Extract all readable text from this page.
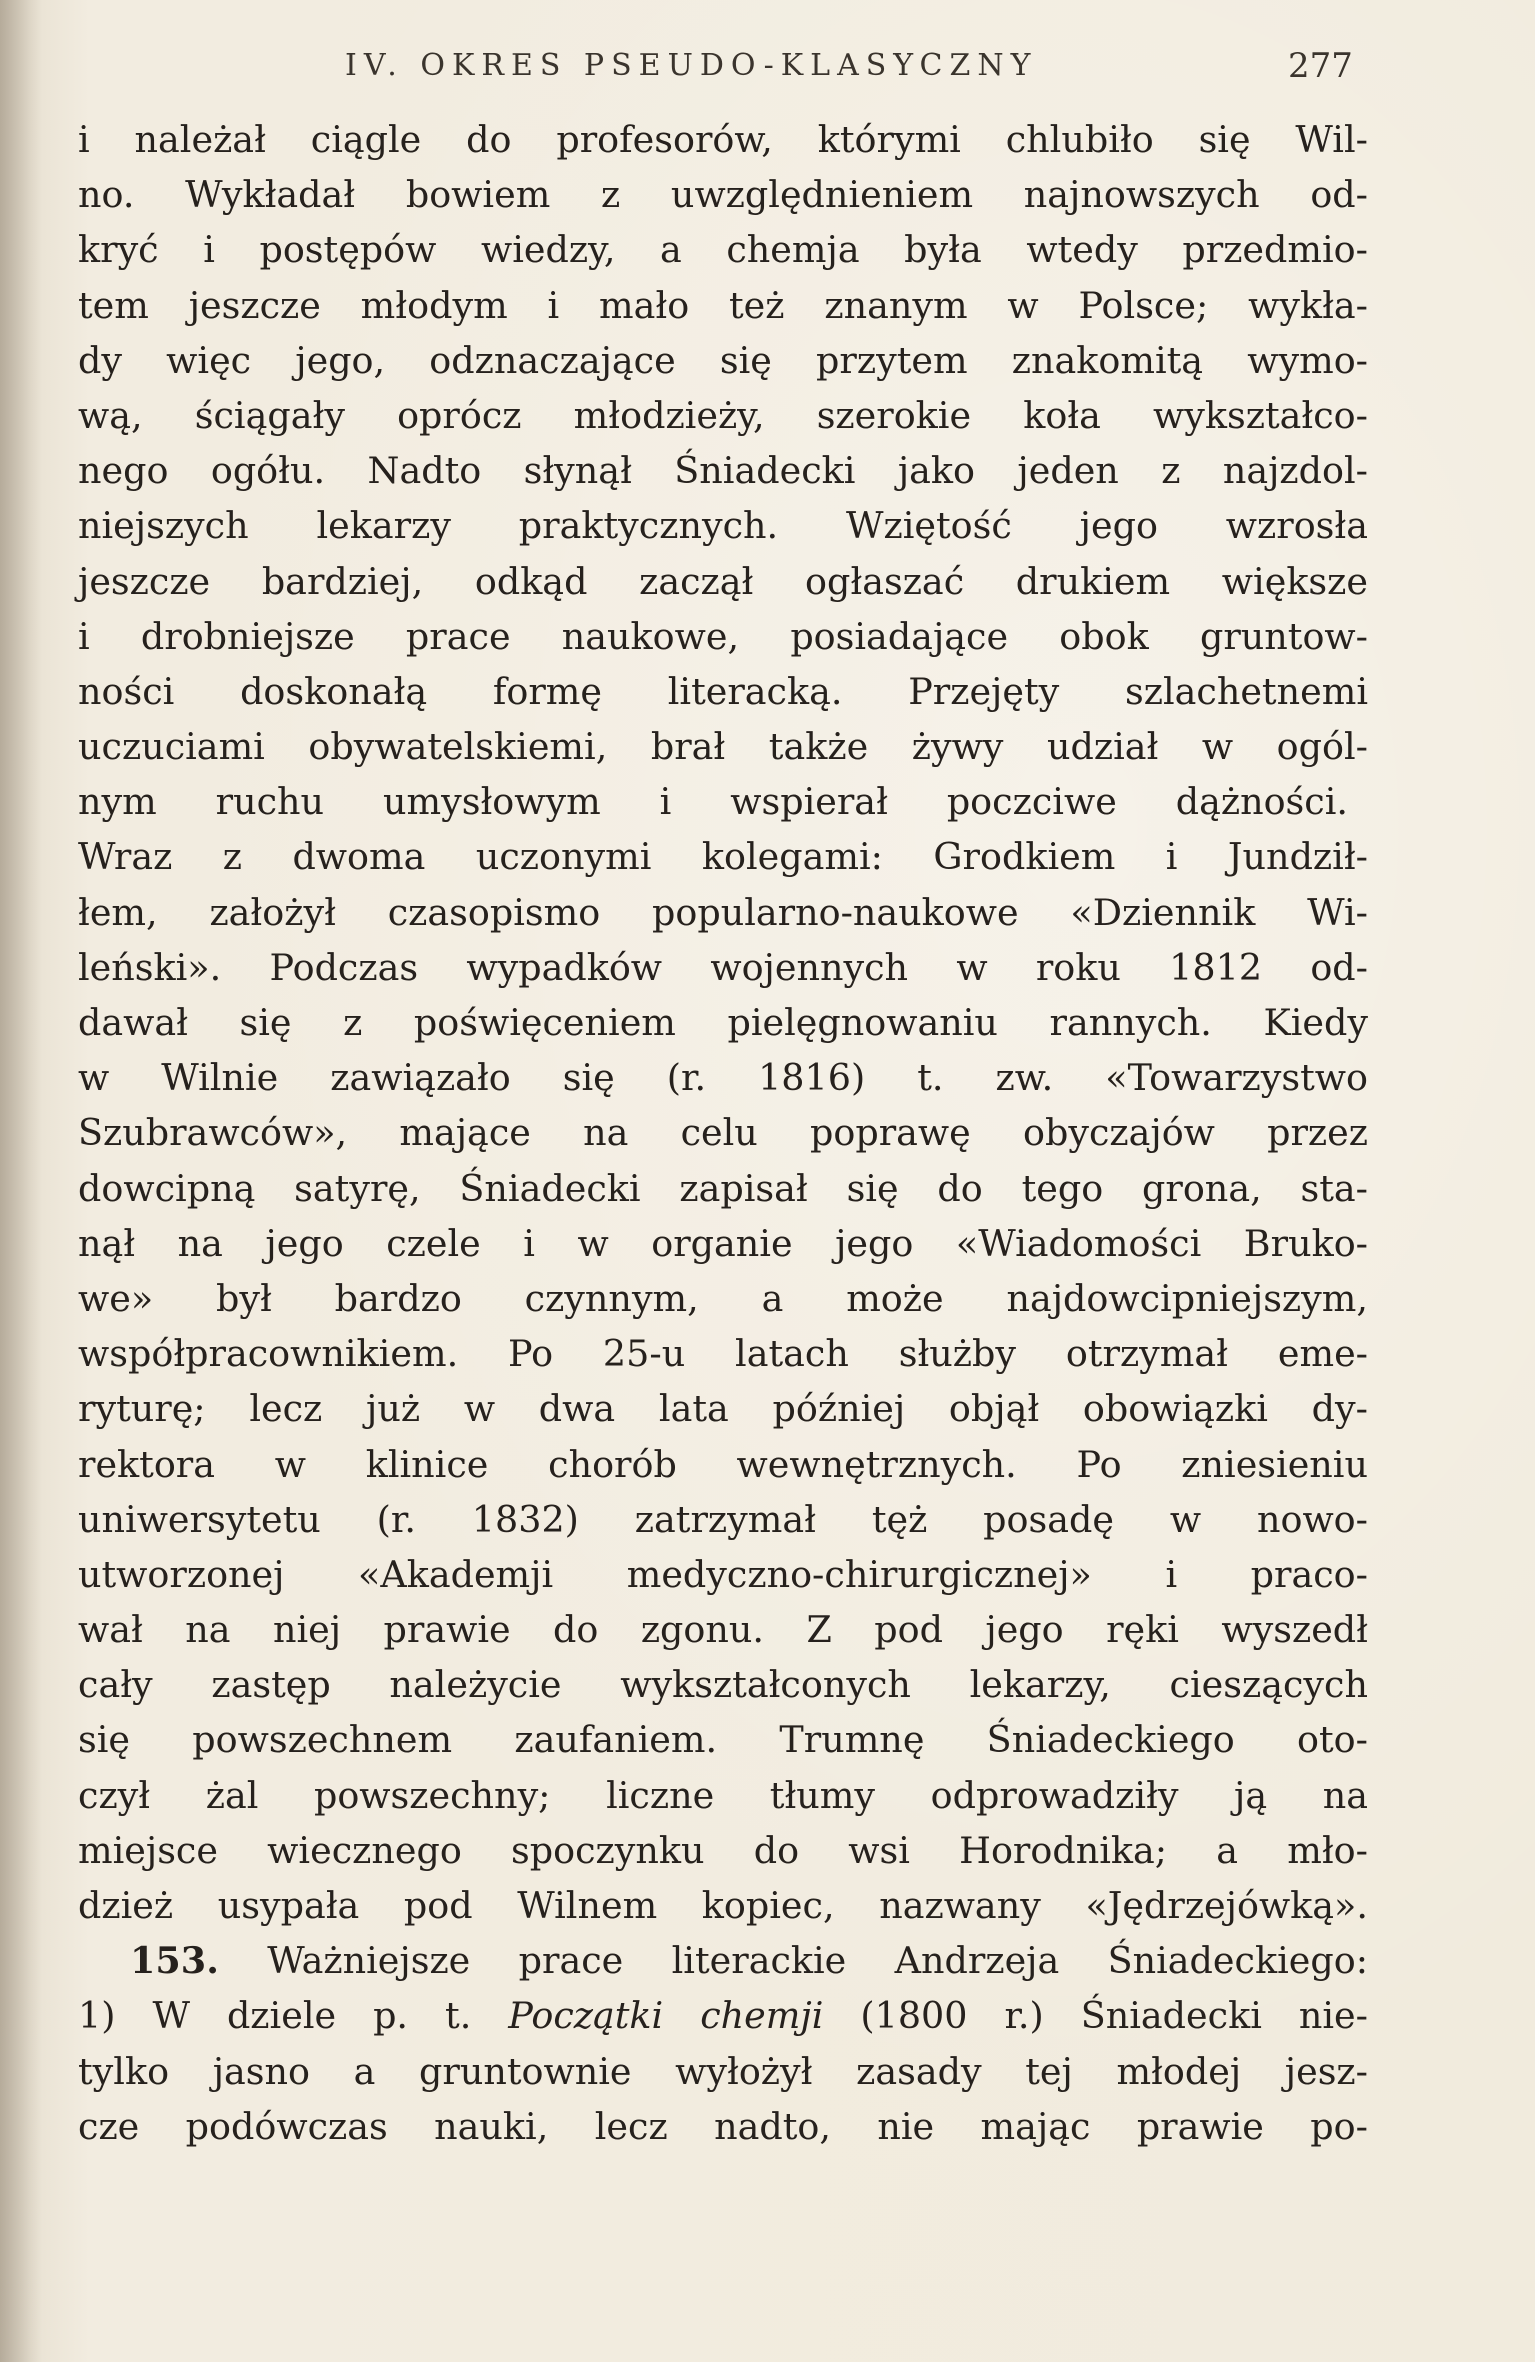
IV. OKRES PSEUDO-KLASYCZNY	277
i należał ciągle do profesorów, którymi chlubiło się Wil-
no. Wykładał bowiem z uwzględnieniem najnowszych od-
kryć i postępów wiedzy, a chemja była wtedy przedmio-
tem jeszcze młodym i mało też znanym w Polsce; wykła-
dy więc jego, odznaczające się przytem znakomitą wymo-
wą, ściągały oprócz młodzieży, szerokie koła wykształco-
nego ogółu. Nadto słynął Śniadecki jako jeden z najzdol-
niejszych lekarzy praktycznych. Wziętość jego wzrosła
jeszcze bardziej, odkąd zaczął ogłaszać drukiem większe
i drobniejsze prace naukowe, posiadające obok gruntow-
ności doskonałą formę literacką. Przejęty szlachetnemi
uczuciami obywatelskiemi, brał także żywy udział w ogól-
nym ruchu umysłowym i wspierał poczciwe dążności.
Wraz z dwoma uczonymi kolegami: Grodkiem i Jundził-
łem, założył czasopismo popularno-naukowe «Dziennik Wi-
leński». Podczas wypadków wojennych w roku 1812 od-
dawał się z poświęceniem pielęgnowaniu rannych. Kiedy
w Wilnie zawiązało się (r. 1816) t. zw. «Towarzystwo
Szubrawców», mające na celu poprawę obyczajów przez
dowcipną satyrę, Śniadecki zapisał się do tego grona, sta-
nął na jego czele i w organie jego «Wiadomości Bruko-
we» był bardzo czynnym, a może najdowcipniejszym,
współpracownikiem. Po 25-u latach służby otrzymał eme-
ryturę; lecz już w dwa lata później objął obowiązki dy-
rektora w klinice chorób wewnętrznych. Po zniesieniu
uniwersytetu (r. 1832) zatrzymał tęż posadę w nowo-
utworzonej «Akademji medyczno-chirurgicznej» i praco-
wał na niej prawie do zgonu. Z pod jego ręki wyszedł
cały zastęp należycie wykształconych lekarzy, cieszących
się powszechnem zaufaniem. Trumnę Śniadeckiego oto-
czył żal powszechny; liczne tłumy odprowadziły ją na
miejsce wiecznego spoczynku do wsi Horodnika; a mło-
dzież usypała pod Wilnem kopiec, nazwany «Jędrzejówką».
153. Ważniejsze prace literackie Andrzeja Śniadeckiego:
1) W dziele p. t. Początki chemji (1800 r.) Śniadecki nie-
tylko jasno a gruntownie wyłożył zasady tej młodej jesz-
cze podówczas nauki, lecz nadto, nie mając prawie po-
